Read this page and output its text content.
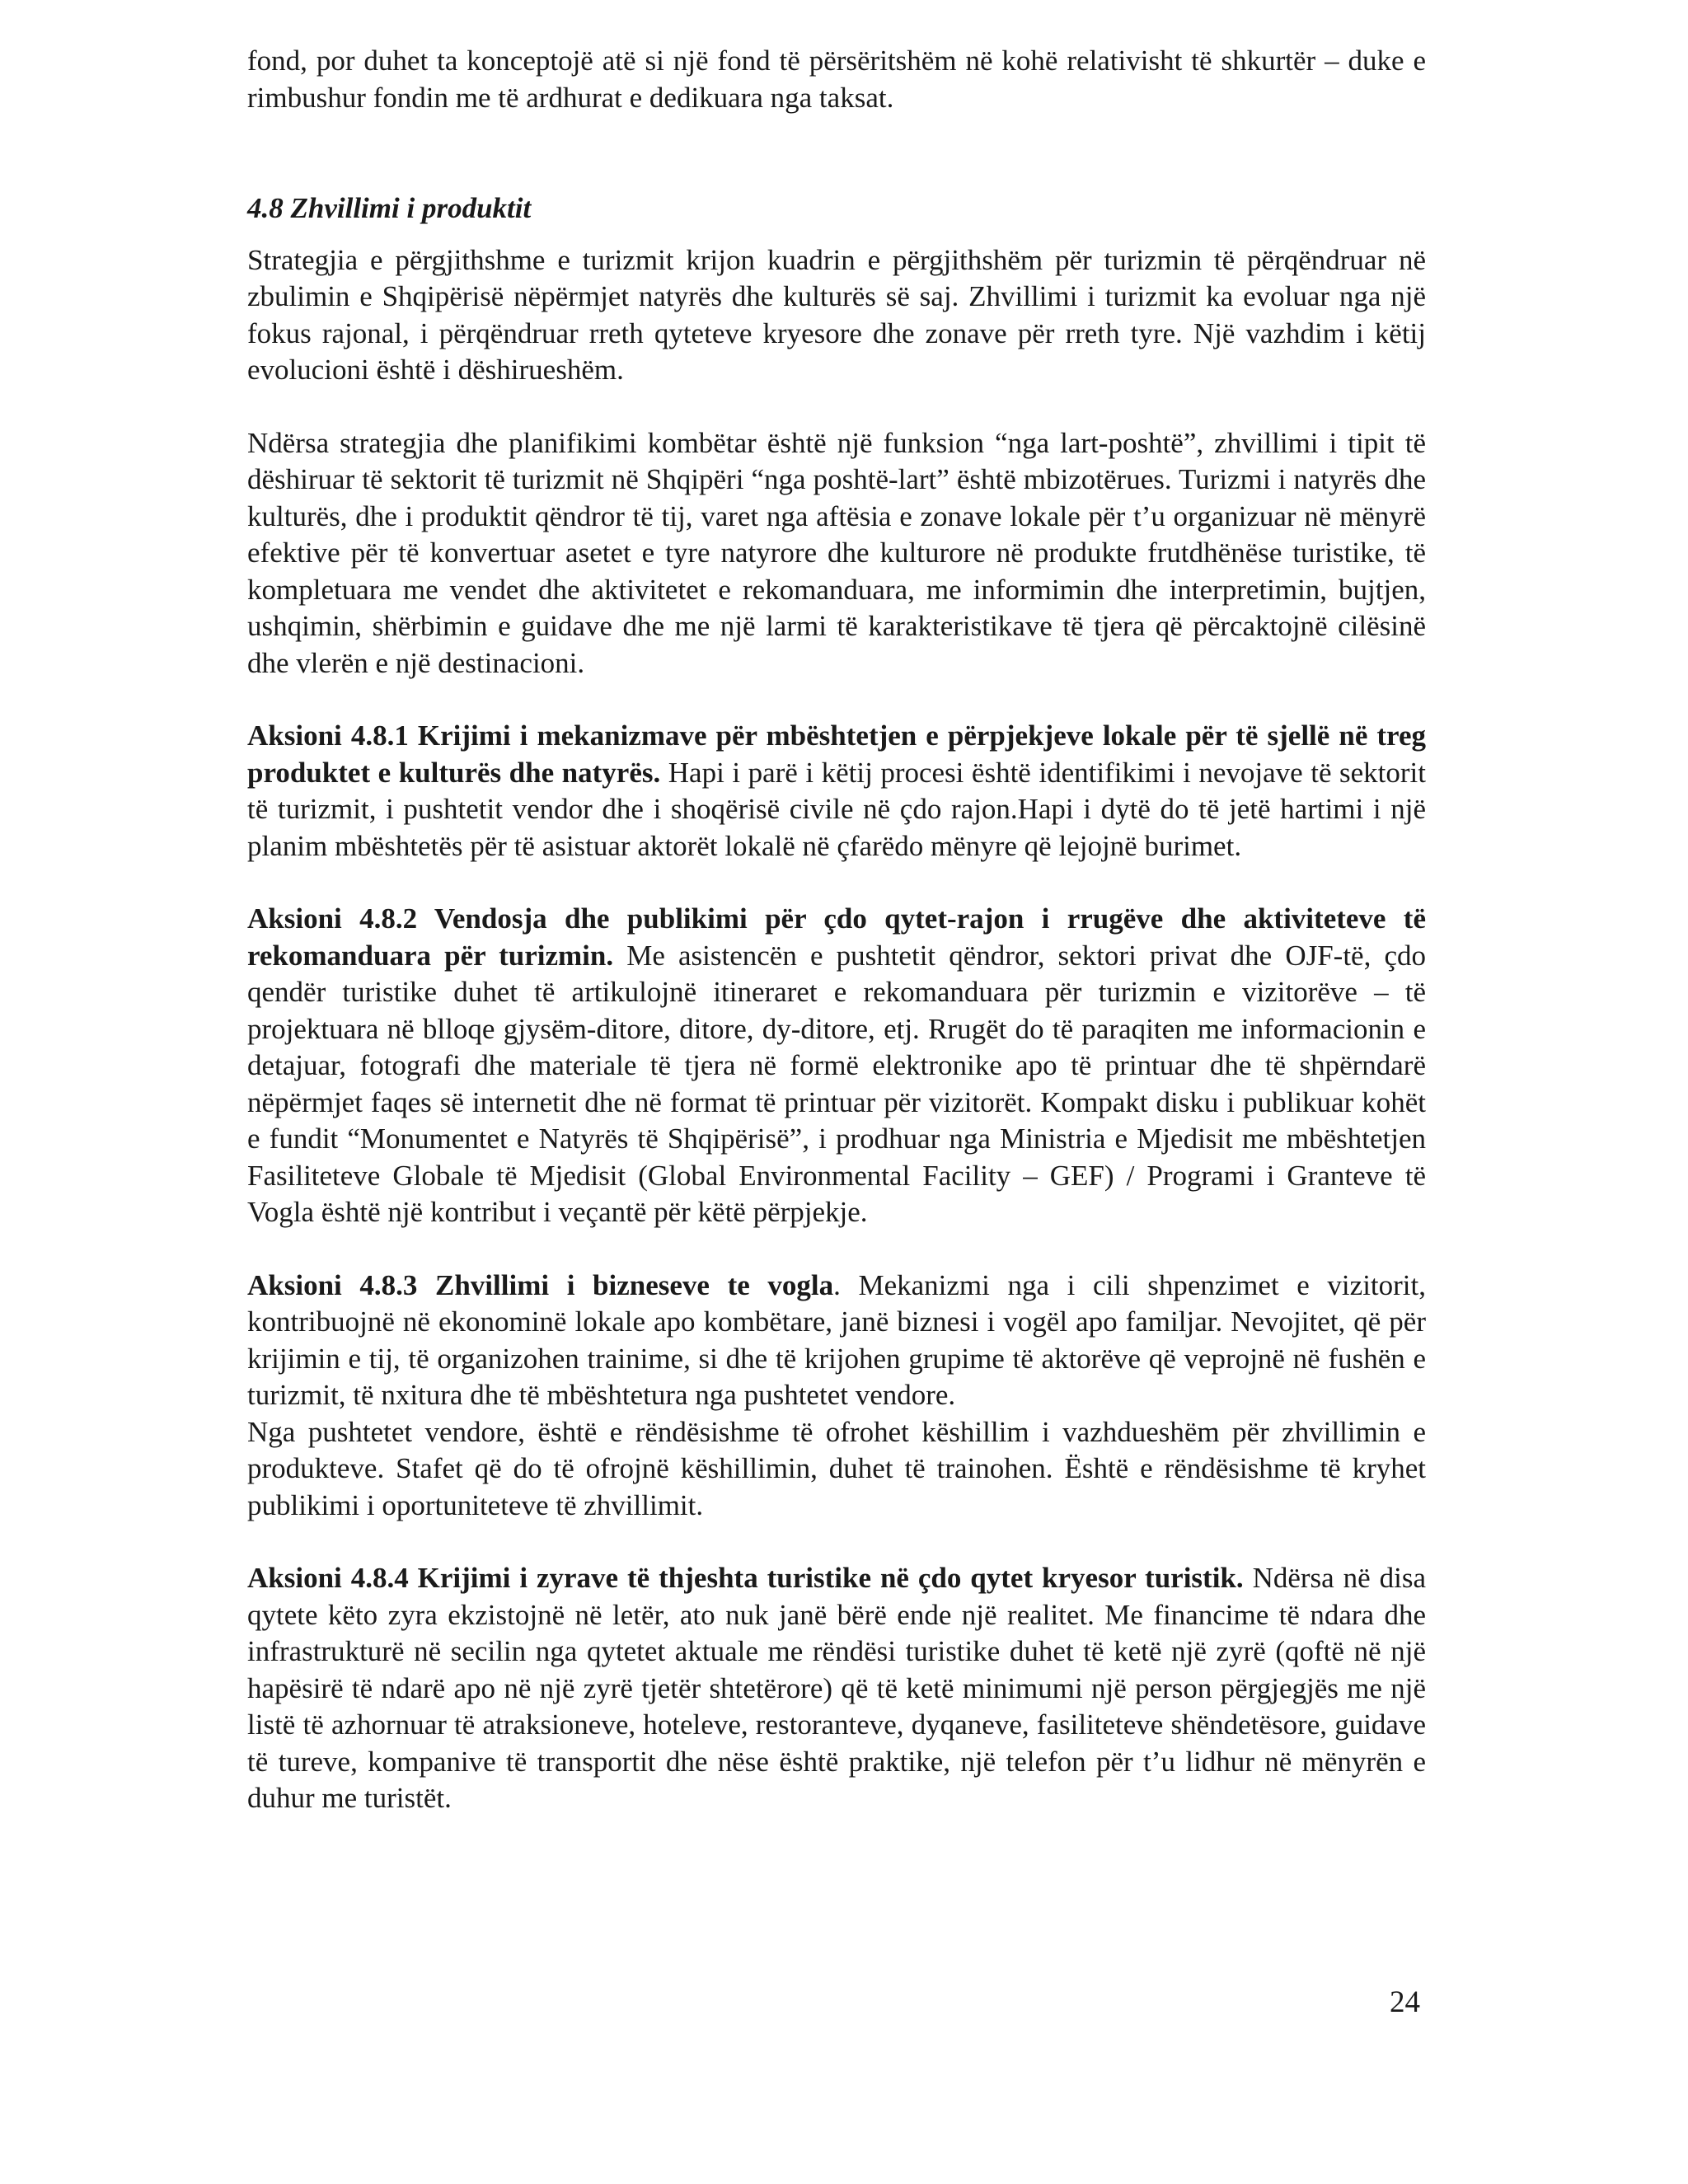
fond, por duhet ta konceptojë atë si një fond të përsëritshëm në kohë relativisht të shkurtër – duke e rimbushur fondin me të ardhurat e dedikuara nga taksat.

4.8 Zhvillimi i produktit

Strategjia e përgjithshme e turizmit krijon kuadrin e përgjithshëm për turizmin të përqëndruar në zbulimin e Shqipërisë nëpërmjet natyrës dhe kulturës së saj. Zhvillimi i turizmit ka evoluar nga një fokus rajonal, i përqëndruar rreth qyteteve kryesore dhe zonave për rreth tyre. Një vazhdim i këtij evolucioni është i dëshirueshëm.

Ndërsa strategjia dhe planifikimi kombëtar është një funksion “nga lart-poshtë”, zhvillimi i tipit të dëshiruar të sektorit të turizmit në Shqipëri “nga poshtë-lart” është mbizotërues. Turizmi i natyrës dhe kulturës, dhe i produktit qëndror të tij, varet nga aftësia e zonave lokale për t’u organizuar në mënyrë efektive për të konvertuar asetet e tyre natyrore dhe kulturore në produkte frutdhënëse turistike, të kompletuara me vendet dhe aktivitetet e rekomanduara, me informimin dhe interpretimin, bujtjen, ushqimin, shërbimin e guidave dhe me një larmi të karakteristikave të tjera që përcaktojnë cilësinë dhe vlerën e një destinacioni.

Aksioni 4.8.1 Krijimi i mekanizmave për mbështetjen e përpjekjeve lokale për të sjellë në treg produktet e kulturës dhe natyrës. Hapi i parë i këtij procesi është identifikimi i nevojave të sektorit të turizmit, i pushtetit vendor dhe i shoqërisë civile në çdo rajon.Hapi i dytë do të jetë hartimi i një planim mbështetës për të asistuar aktorët lokalë në çfarëdo mënyre që lejojnë burimet.

Aksioni 4.8.2 Vendosja dhe publikimi për çdo qytet-rajon i rrugëve dhe aktiviteteve të rekomanduara për turizmin. Me asistencën e pushtetit qëndror, sektori privat dhe OJF-të, çdo qendër turistike duhet të artikulojnë itineraret e rekomanduara për turizmin e vizitorëve – të projektuara në blloqe gjysëm-ditore, ditore, dy-ditore, etj. Rrugët do të paraqiten me informacionin e detajuar, fotografi dhe materiale të tjera në formë elektronike apo të printuar dhe të shpërndarë nëpërmjet faqes së internetit dhe në format të printuar për vizitorët. Kompakt disku i publikuar kohët e fundit “Monumentet e Natyrës të Shqipërisë”, i prodhuar nga Ministria e Mjedisit me mbështetjen Fasiliteteve Globale të Mjedisit (Global Environmental Facility – GEF) / Programi i Granteve të Vogla është një kontribut i veçantë për këtë përpjekje.

Aksioni 4.8.3 Zhvillimi i bizneseve te vogla. Mekanizmi nga i cili shpenzimet e vizitorit, kontribuojnë në ekonominë lokale apo kombëtare, janë biznesi i vogël apo familjar. Nevojitet, që për krijimin e tij, të organizohen trainime, si dhe të krijohen grupime të aktorëve që veprojnë në fushën e turizmit, të nxitura dhe të mbështetura nga pushtetet vendore.

Nga pushtetet vendore, është e rëndësishme të ofrohet këshillim i vazhdueshëm për zhvillimin e produkteve. Stafet që do të ofrojnë këshillimin, duhet të trainohen. Është e rëndësishme të kryhet publikimi i oportuniteteve të zhvillimit.

Aksioni 4.8.4 Krijimi i zyrave të thjeshta turistike në çdo qytet kryesor turistik. Ndërsa në disa qytete këto zyra ekzistojnë në letër, ato nuk janë bërë ende një realitet. Me financime të ndara dhe infrastrukturë në secilin nga qytetet aktuale me rëndësi turistike duhet të ketë një zyrë (qoftë në një hapësirë të ndarë apo në një zyrë tjetër shtetërore) që të ketë minimumi një person përgjegjës me një listë të azhornuar të atraksioneve, hoteleve, restoranteve, dyqaneve, fasiliteteve shëndetësore, guidave të tureve, kompanive të transportit dhe nëse është praktike, një telefon për t’u lidhur në mënyrën e duhur me turistët.

24
